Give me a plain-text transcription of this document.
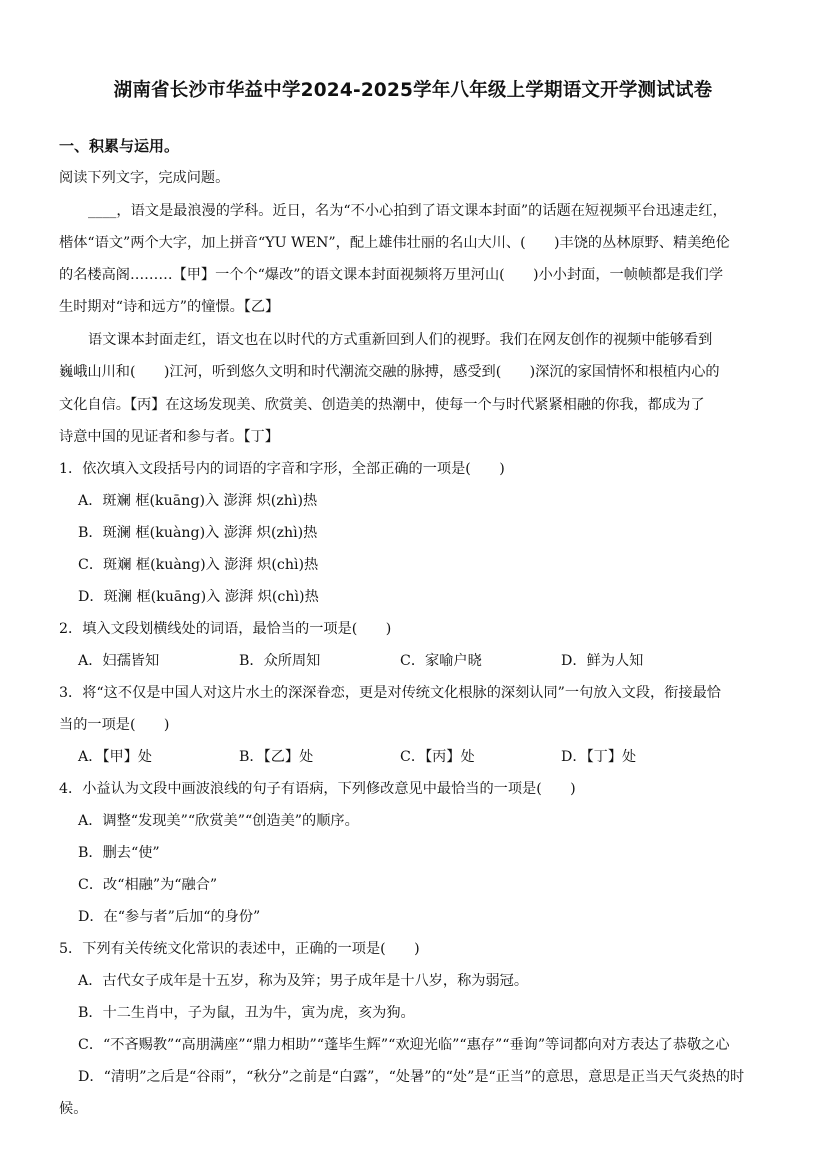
湖南省长沙市华益中学2024-2025学年八年级上学期语文开学测试试卷
一、积累与运用。
阅读下列文字，完成问题。
____，语文是最浪漫的学科。近日，名为“不小心拍到了语文课本封面”的话题在短视频平台迅速走红，
楷体“语文”两个大字，加上拼音“YU WEN”，配上雄伟壮丽的名山大川、(　　)丰饶的丛林原野、精美绝伦
的名楼高阁………【甲】一个个“爆改”的语文课本封面视频将万里河山(　　)小小封面，一帧帧都是我们学
生时期对“诗和远方”的憧憬。【乙】
语文课本封面走红，语文也在以时代的方式重新回到人们的视野。我们在网友创作的视频中能够看到
巍峨山川和(　　)江河，听到悠久文明和时代潮流交融的脉搏，感受到(　　)深沉的家国情怀和根植内心的
文化自信。【丙】在这场发现美、欣赏美、创造美的热潮中，使每一个与时代紧紧相融的你我，都成为了
诗意中国的见证者和参与者。【丁】
1．依次填入文段括号内的词语的字音和字形，全部正确的一项是(　　)
A．斑斓 框(kuāng)入 澎湃 炽(zhì)热
B．斑澜 框(kuàng)入 澎湃 炽(zhì)热
C．斑斓 框(kuàng)入 澎湃 炽(chì)热
D．斑澜 框(kuāng)入 澎湃 炽(chì)热
2．填入文段划横线处的词语，最恰当的一项是(　　)
A．妇孺皆知	B．众所周知	C．家喻户晓	D．鲜为人知
3．将“这不仅是中国人对这片水土的深深眷恋，更是对传统文化根脉的深刻认同”一句放入文段，衔接最恰
当的一项是(　　)
A．【甲】处	B．【乙】处	C．【丙】处	D．【丁】处
4．小益认为文段中画波浪线的句子有语病，下列修改意见中最恰当的一项是(　　)
A．调整“发现美”“欣赏美”“创造美”的顺序。
B．删去“使”
C．改“相融”为“融合”
D．在“参与者”后加“的身份”
5．下列有关传统文化常识的表述中，正确的一项是(　　)
A．古代女子成年是十五岁，称为及笄；男子成年是十八岁，称为弱冠。
B．十二生肖中，子为鼠，丑为牛，寅为虎，亥为狗。
C．“不吝赐教”“高朋满座”“鼎力相助”“蓬毕生辉”“欢迎光临”“惠存”“垂询”等词都向对方表达了恭敬之心
D．“清明”之后是“谷雨”，“秋分”之前是“白露”，“处暑”的“处”是“正当”的意思，意思是正当天气炎热的时
候。
